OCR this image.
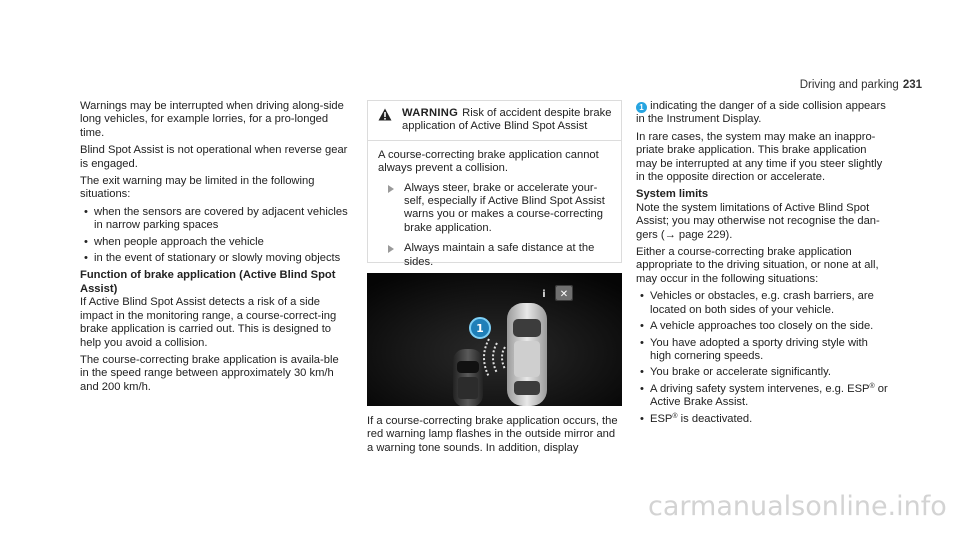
Driving and parking 231

Warnings may be interrupted when driving along-side long vehicles, for example lorries, for a pro-longed time.

Blind Spot Assist is not operational when reverse gear is engaged.

The exit warning may be limited in the following situations:

• when the sensors are covered by adjacent vehicles in narrow parking spaces
• when people approach the vehicle
• in the event of stationary or slowly moving objects
Function of brake application (Active Blind Spot Assist)

If Active Blind Spot Assist detects a risk of a side impact in the monitoring range, a course-correct-ing brake application is carried out. This is designed to help you avoid a collision.

The course-correcting brake application is availa-ble in the speed range between approximately 30 km/h and 200 km/h.

WARNING Risk of accident despite brake application of Active Blind Spot Assist

A course-correcting brake application cannot always prevent a collision.

Always steer, brake or accelerate your-self, especially if Active Blind Spot Assist warns you or makes a course-correcting brake application.
Always maintain a safe distance at the sides.
✕
i
1

If a course-correcting brake application occurs, the red warning lamp flashes in the outside mirror and a warning tone sounds. In addition, display

1 indicating the danger of a side collision appears in the Instrument Display.

In rare cases, the system may make an inappro-priate brake application. This brake application may be interrupted at any time if you steer slightly in the opposite direction or accelerate.

System limits

Note the system limitations of Active Blind Spot Assist; you may otherwise not recognise the dan-gers (→ page 229).

Either a course-correcting brake application appropriate to the driving situation, or none at all, may occur in the following situations:

• Vehicles or obstacles, e.g. crash barriers, are located on both sides of your vehicle.
• A vehicle approaches too closely on the side.
• You have adopted a sporty driving style with high cornering speeds.
• You brake or accelerate significantly.
• A driving safety system intervenes, e.g. ESP® or Active Brake Assist.
• ESP® is deactivated.
carmanualsonline.info
